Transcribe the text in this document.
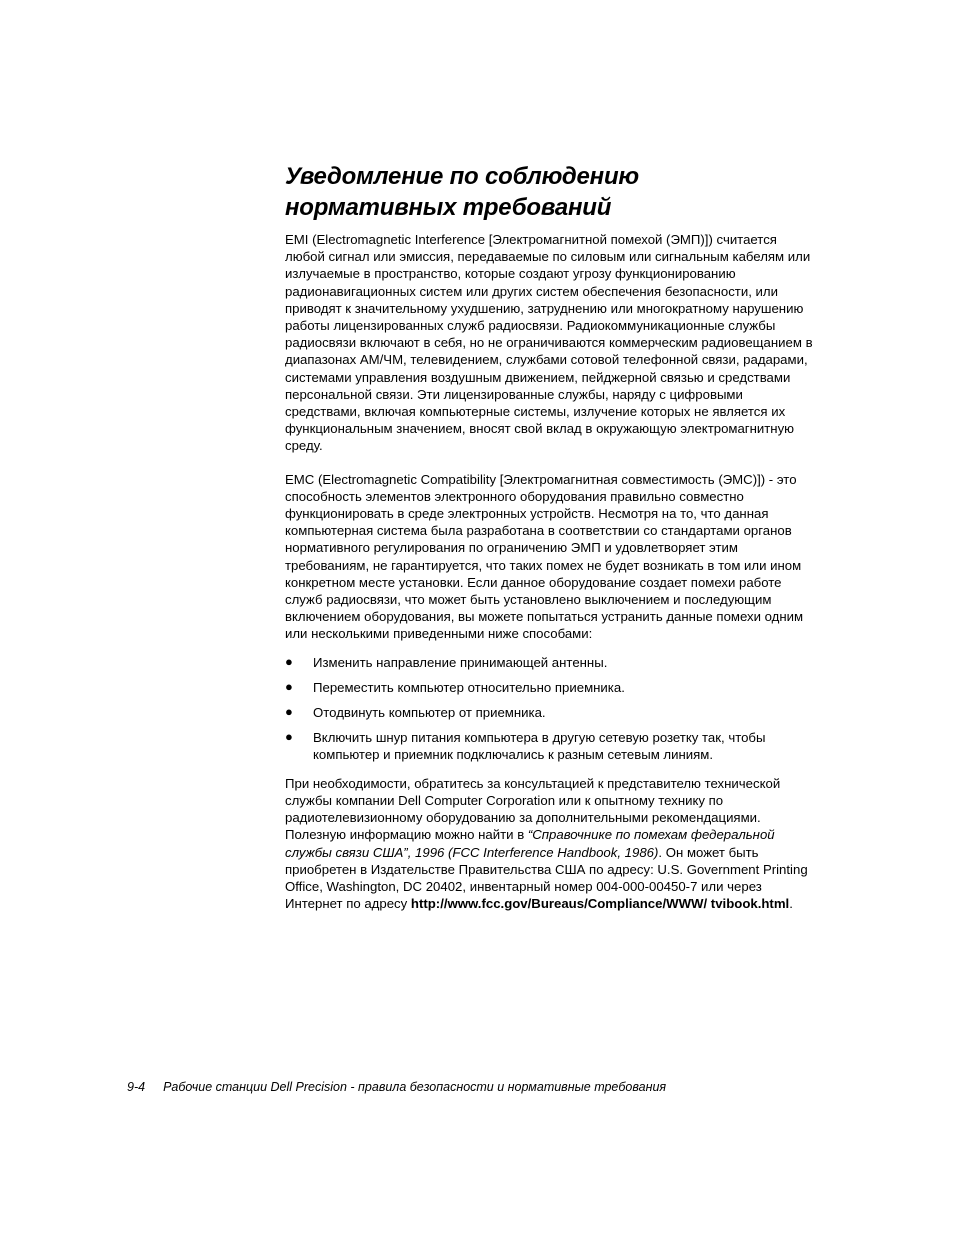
Уведомление по соблюдению
нормативных требований

EMI (Electromagnetic Interference [Электромагнитной помехой (ЭМП)]) считается любой сигнал или эмиссия, передаваемые по силовым или сигнальным кабелям или излучаемые в пространство, которые создают угрозу функционированию радионавигационных систем или других систем обеспечения безопасности, или приводят к значительному ухудшению, затруднению или многократному нарушению работы лицензированных служб радиосвязи. Радиокоммуникационные службы радиосвязи включают в себя, но не ограничиваются коммерческим радиовещанием в диапазонах AM/ЧМ, телевидением, службами сотовой телефонной связи, радарами, системами управления воздушным движением, пейджерной связью и средствами персональной связи. Эти лицензированные службы, наряду с цифровыми средствами, включая компьютерные системы, излучение которых не является их функциональным значением, вносят свой вклад в окружающую электромагнитную среду.

EMC (Electromagnetic Compatibility [Электромагнитная совместимость (ЭМС)]) - это способность элементов электронного оборудования правильно совместно функционировать в среде электронных устройств. Несмотря на то, что данная компьютерная система была разработана в соответствии со стандартами органов нормативного регулирования по ограничению ЭМП и удовлетворяет этим требованиям, не гарантируется, что таких помех не будет возникать в том или ином конкретном месте установки. Если данное оборудование создает помехи работе служб радиосвязи, что может быть установлено выключением и последующим включением оборудования, вы можете попытаться устранить данные помехи одним или несколькими приведенными ниже способами:

●
Изменить направление принимающей антенны.
●
Переместить компьютер относительно приемника.
●
Отодвинуть компьютер от приемника.
●
Включить шнур питания компьютера в другую сетевую розетку так, чтобы компьютер и приемник подключались к разным сетевым линиям.

При необходимости, обратитесь за консультацией к представителю технической службы компании Dell Computer Corporation или к опытному технику по радиотелевизионному оборудованию за дополнительными рекомендациями. Полезную информацию можно найти в “Справочнике по помехам федеральной службы связи США”, 1996 (FCC Interference Handbook, 1986). Он может быть приобретен в Издательстве Правительства США по адресу: U.S. Government Printing Office, Washington, DC 20402, инвентарный номер 004-000-00450-7 или через Интернет по адресу http://www.fcc.gov/Bureaus/Compliance/WWW/ tvibook.html.

9-4 Рабочие станции Dell Precision - правила безопасности и нормативные требования
